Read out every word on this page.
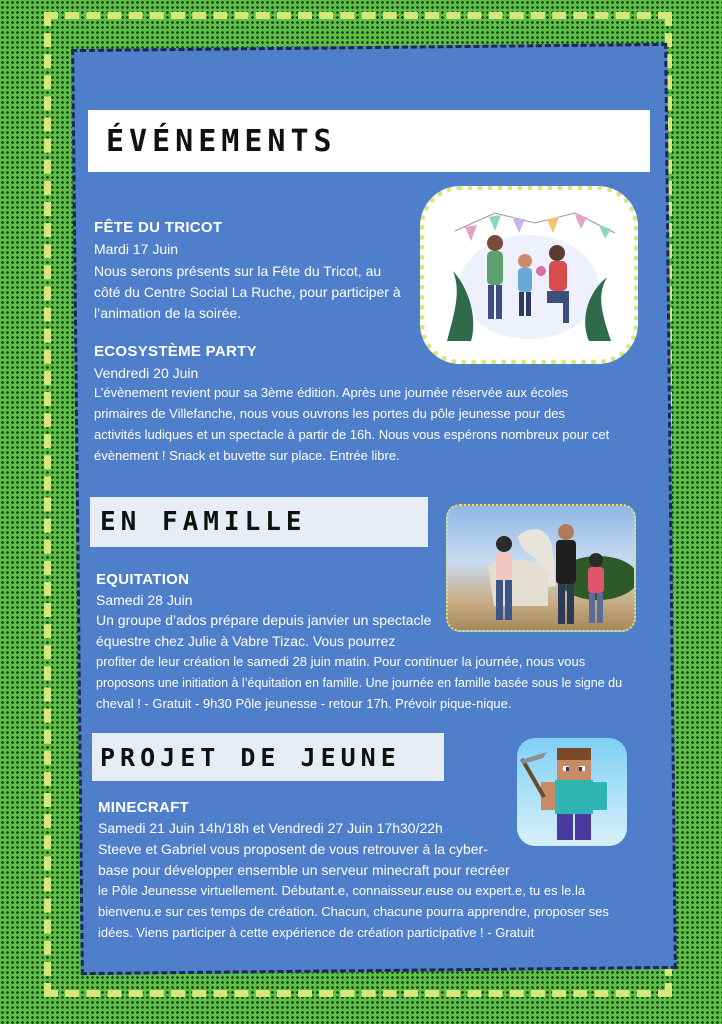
ÉVÉNEMENTS
FÊTE DU TRICOT
Mardi 17 Juin
Nous serons présents sur la Fête du Tricot, au
côté du Centre Social La Ruche, pour participer à
l’animation de la soirée.
ECOSYSTÈME PARTY
Vendredi 20 Juin
L’évènement revient pour sa 3ème édition. Après une journée réservée aux écoles
primaires de Villefanche, nous vous ouvrons les portes du pôle jeunesse pour des
activités ludiques et un spectacle à partir de 16h. Nous vous espérons nombreux pour cet
évènement ! Snack et buvette sur place. Entrée libre.
EN FAMILLE
EQUITATION
Samedi 28 Juin
Un groupe d’ados prépare depuis janvier un spectacle
équestre chez Julie à Vabre Tizac. Vous pourrez
profiter de leur création le samedi 28 juin matin. Pour continuer la journée, nous vous
proposons une initiation à l’équitation en famille. Une journée en famille basée sous le signe du
cheval ! - Gratuit - 9h30 Pôle jeunesse - retour 17h. Prévoir pique-nique.
PROJET DE JEUNE
MINECRAFT
Samedi 21 Juin 14h/18h et Vendredi 27 Juin 17h30/22h
Steeve et Gabriel vous proposent de vous retrouver à la cyber-
base pour développer ensemble un serveur minecraft pour recréer
le Pôle Jeunesse virtuellement. Débutant.e, connaisseur.euse ou expert.e, tu es le.la
bienvenu.e sur ces temps de création. Chacun, chacune pourra apprendre, proposer ses
idées. Viens participer à cette expérience de création participative ! - Gratuit
